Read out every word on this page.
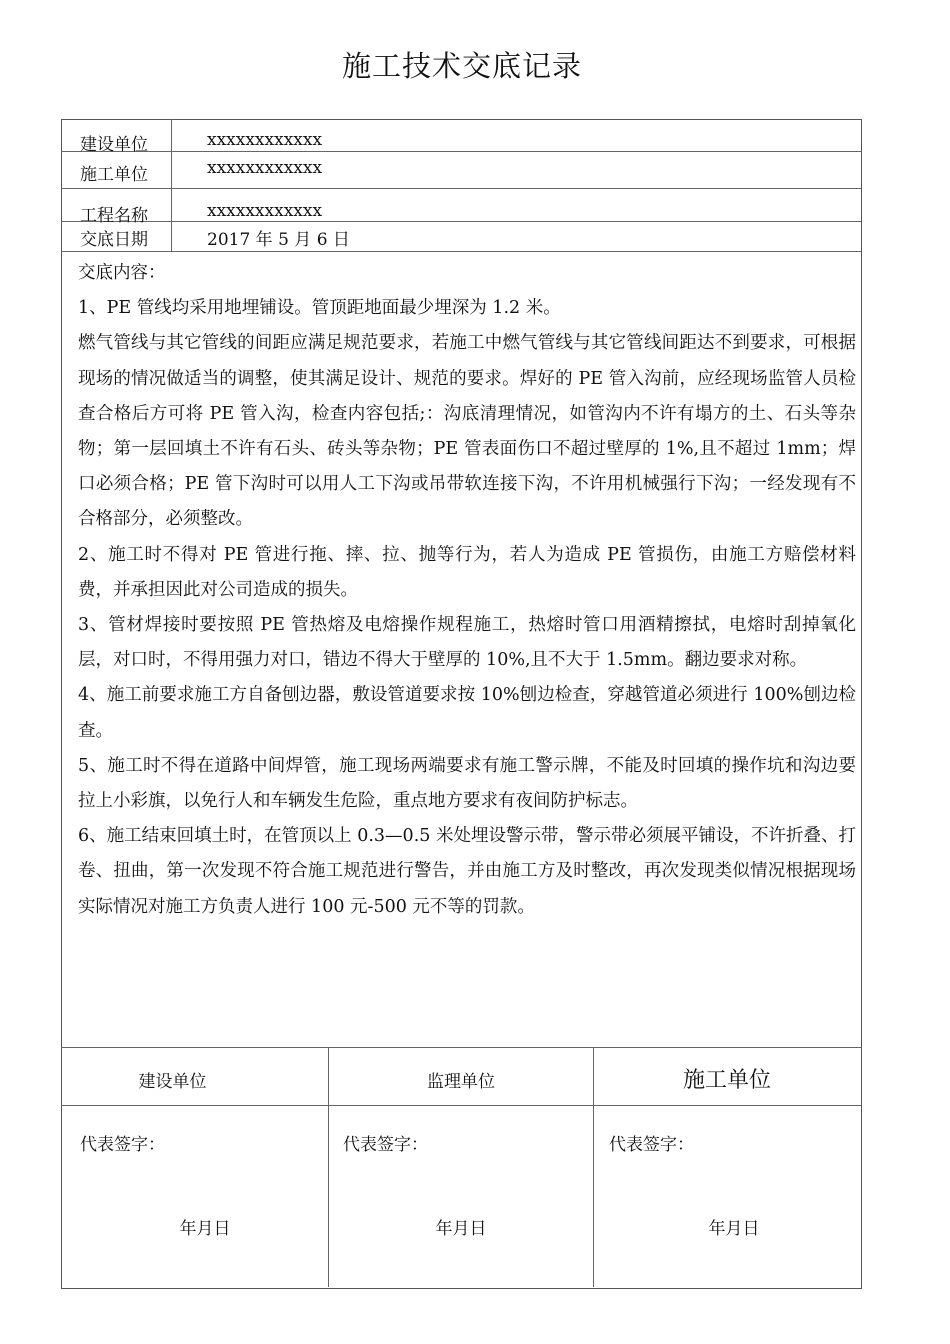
施工技术交底记录
建设单位	xxxxxxxxxxxx
施工单位	xxxxxxxxxxxx
工程名称	xxxxxxxxxxxx
交底日期	2017 年 5 月 6 日

交底内容：

1、PE 管线均采用地埋铺设。管顶距地面最少埋深为 1.2 米。

燃气管线与其它管线的间距应满足规范要求，若施工中燃气管线与其它管线间距达不到要求，可根据现场的情况做适当的调整，使其满足设计、规范的要求。焊好的 PE 管入沟前，应经现场监管人员检查合格后方可将 PE 管入沟，检查内容包括;：沟底清理情况，如管沟内不许有塌方的土、石头等杂物；第一层回填土不许有石头、砖头等杂物；PE 管表面伤口不超过壁厚的 1%,且不超过 1mm；焊口必须合格；PE 管下沟时可以用人工下沟或吊带软连接下沟，不许用机械强行下沟；一经发现有不合格部分，必须整改。

2、施工时不得对 PE 管进行拖、摔、拉、抛等行为，若人为造成 PE 管损伤，由施工方赔偿材料费，并承担因此对公司造成的损失。

3、管材焊接时要按照 PE 管热熔及电熔操作规程施工，热熔时管口用酒精擦拭，电熔时刮掉氧化层，对口时，不得用强力对口，错边不得大于壁厚的 10%,且不大于 1.5mm。翻边要求对称。

4、施工前要求施工方自备刨边器，敷设管道要求按 10%刨边检查，穿越管道必须进行 100%刨边检查。

5、施工时不得在道路中间焊管，施工现场两端要求有施工警示牌，不能及时回填的操作坑和沟边要拉上小彩旗，以免行人和车辆发生危险，重点地方要求有夜间防护标志。

6、施工结束回填土时，在管顶以上 0.3—0.5 米处埋设警示带，警示带必须展平铺设，不许折叠、打卷、扭曲，第一次发现不符合施工规范进行警告，并由施工方及时整改，再次发现类似情况根据现场实际情况对施工方负责人进行 100 元-500 元不等的罚款。

建设单位	监理单位	施工单位
代表签字：	代表签字：	代表签字：
年月日	年月日	年月日
